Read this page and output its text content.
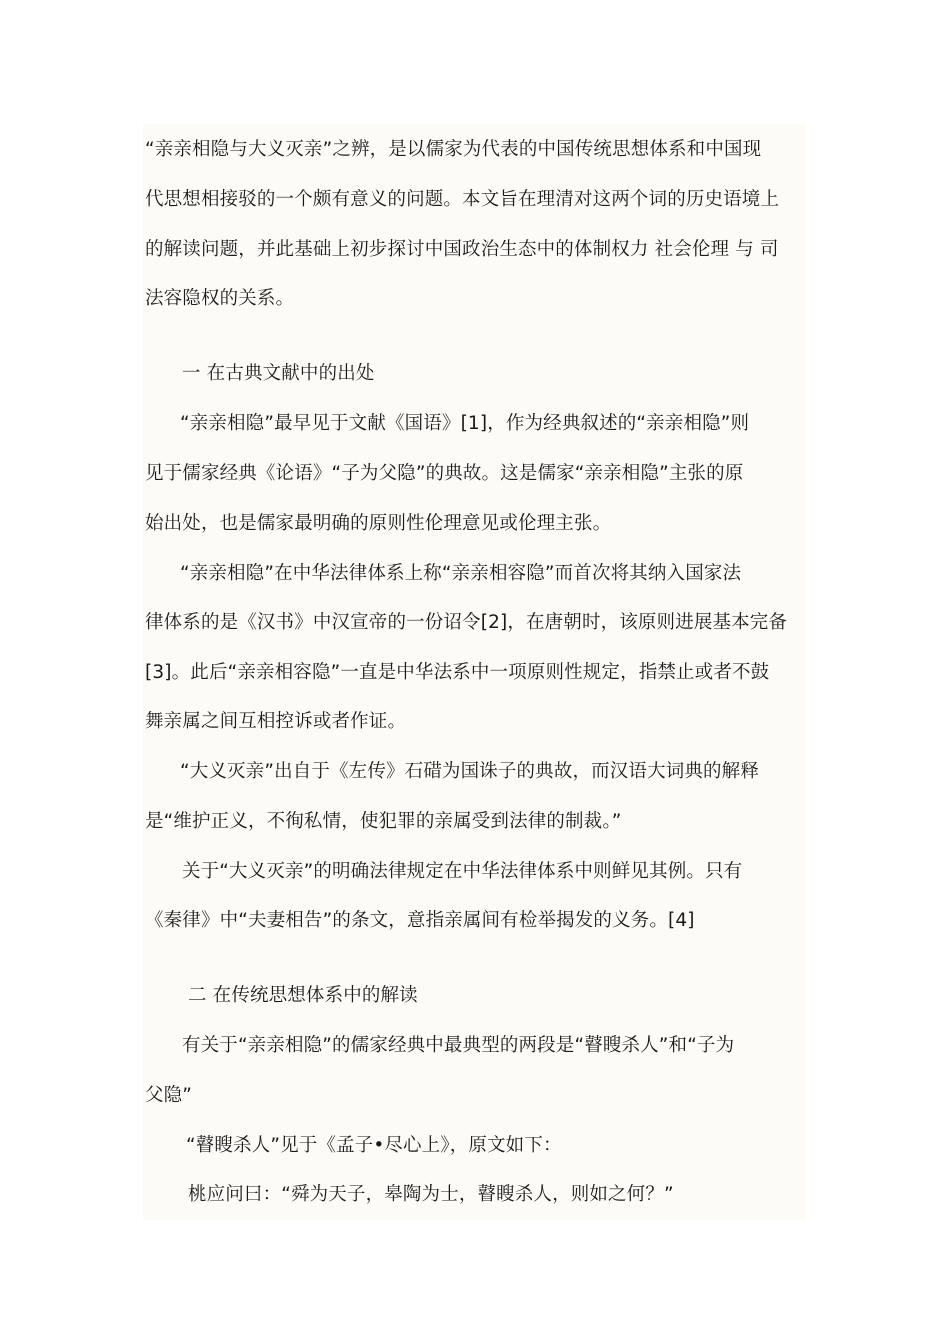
“亲亲相隐与大义灭亲”之辨，是以儒家为代表的中国传统思想体系和中国现
代思想相接驳的一个颇有意义的问题。本文旨在理清对这两个词的历史语境上
的解读问题，并此基础上初步探讨中国政治生态中的体制权力 社会伦理 与 司
法容隐权的关系。
一 在古典文献中的出处
“亲亲相隐”最早见于文献《国语》[1]，作为经典叙述的“亲亲相隐”则
见于儒家经典《论语》“子为父隐”的典故。这是儒家“亲亲相隐”主张的原
始出处，也是儒家最明确的原则性伦理意见或伦理主张。
“亲亲相隐”在中华法律体系上称“亲亲相容隐”而首次将其纳入国家法
律体系的是《汉书》中汉宣帝的一份诏令[2]，在唐朝时，该原则进展基本完备
[3]。此后“亲亲相容隐”一直是中华法系中一项原则性规定，指禁止或者不鼓
舞亲属之间互相控诉或者作证。
“大义灭亲”出自于《左传》石碏为国诛子的典故，而汉语大词典的解释
是“维护正义，不徇私情，使犯罪的亲属受到法律的制裁。”
关于“大义灭亲”的明确法律规定在中华法律体系中则鲜见其例。只有
《秦律》中“夫妻相告”的条文，意指亲属间有检举揭发的义务。[4]
二 在传统思想体系中的解读
有关于“亲亲相隐”的儒家经典中最典型的两段是“瞽瞍杀人”和“子为
父隐”
“瞽瞍杀人”见于《孟子•尽心上》，原文如下：
桃应问曰：“舜为天子，皋陶为士，瞽瞍杀人，则如之何？”
